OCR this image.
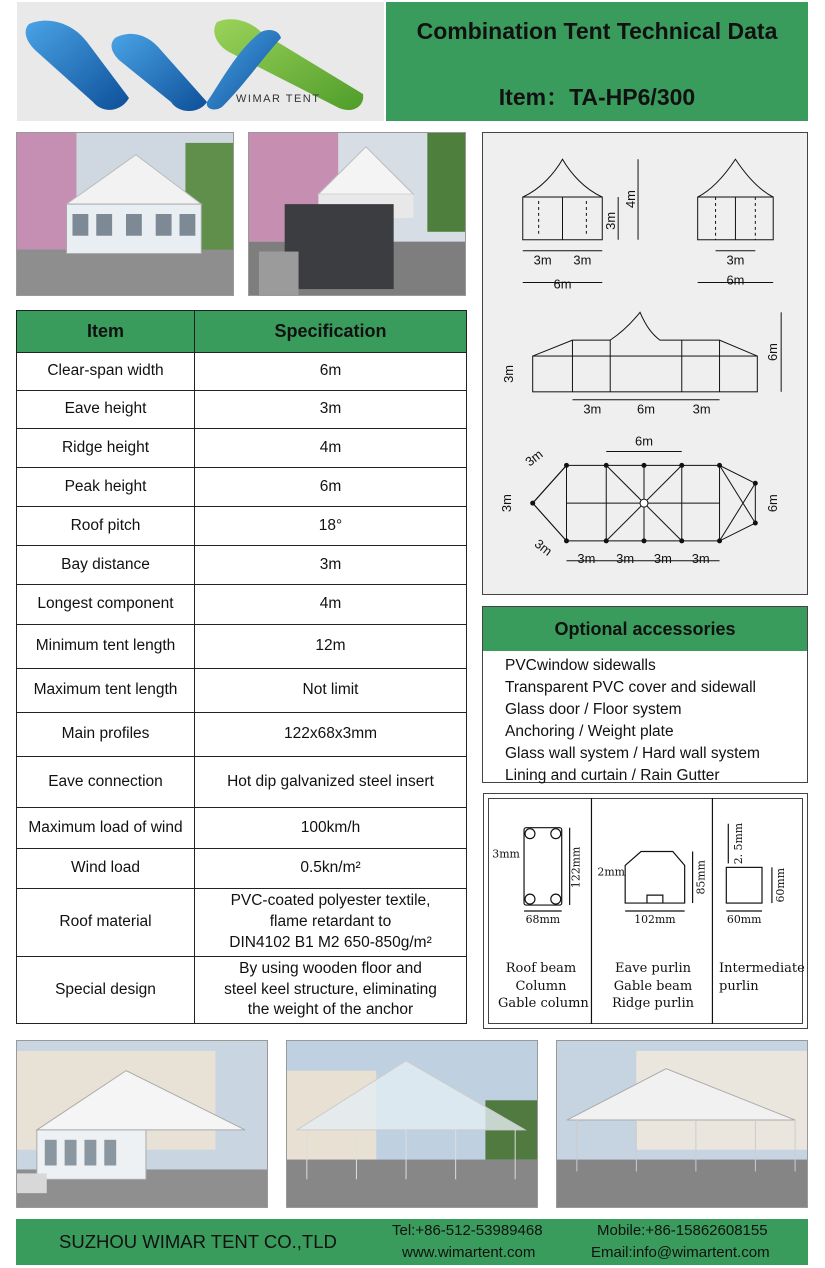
WIMAR TENT
Combination Tent Technical Data
Item：TA-HP6/300
Item	Specification
Clear-span width	6m

Eave height	3m

Ridge height	4m

Peak height	6m

Roof pitch	18°

Bay distance	3m

Longest component	4m

Minimum tent length	12m

Maximum tent length	Not limit

Main profiles	122x68x3mm

Eave connection	Hot dip galvanized steel insert

Maximum load of wind	100km/h

Wind load	0.5kn/m²

Roof material	PVC-coated polyester textile,
flame retardant to
DIN4102 B1 M2 650-850g/m²

Special design	By using wooden floor and
steel keel structure, eliminating
the weight of the anchor
3m
4m
3m 3m
6m
3m
6m
3m
6m
3m	6m	3m
6m
3m
3m
3m	6m
3m 3m 3m 3m
Optional accessories
PVCwindow sidewalls
Transparent PVC cover and sidewall
Glass door / Floor system
Anchoring / Weight plate
Glass wall system / Hard wall system
Lining and curtain / Rain Gutter
3mm	122mm
68mm
2mm	85mm
102mm
2. 5mm
60mm
60mm
Roof beam
Column
Gable column
Eave purlin
Gable beam
Ridge purlin
Intermediate
purlin
SUZHOU WIMAR TENT CO.,TLD
Tel:+86-512-53989468
www.wimartent.com
Mobile:+86-15862608155
Email:info@wimartent.com
